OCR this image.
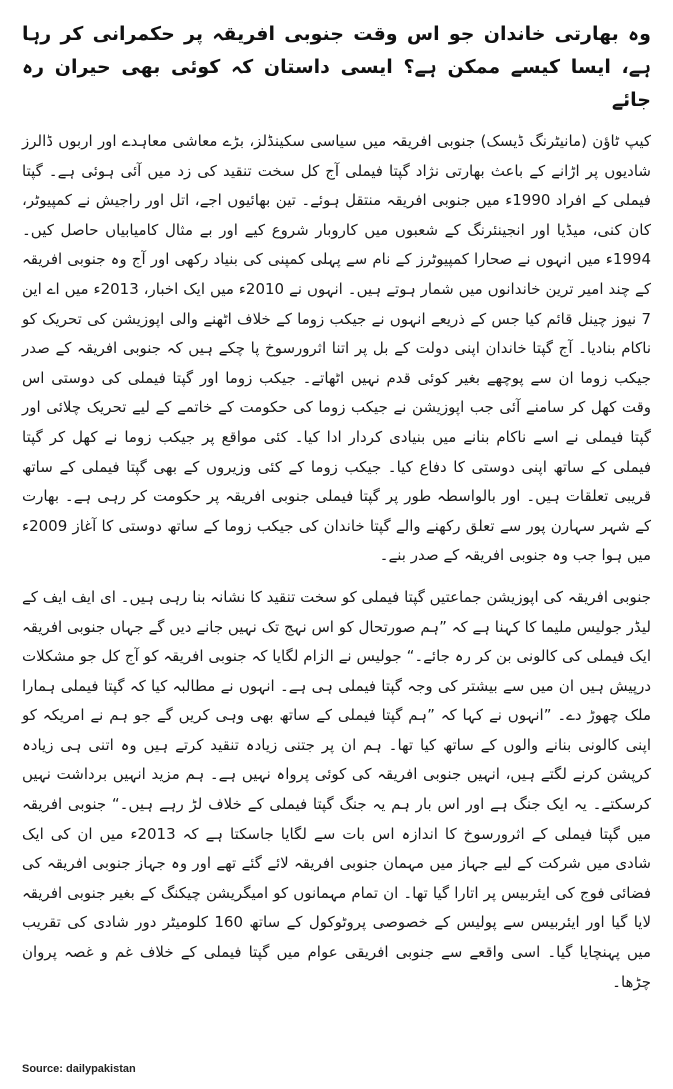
وہ بھارتی خاندان جو اس وقت جنوبی افریقہ پر حکمرانی کر رہا ہے، ایسا کیسے ممکن ہے؟ ایسی داستان کہ کوئی بھی حیران رہ جائے

کیپ ٹاؤن (مانیٹرنگ ڈیسک) جنوبی افریقہ میں سیاسی سکینڈلز، بڑے معاشی معاہدے اور اربوں ڈالرز شادیوں پر اڑانے کے باعث بھارتی نژاد گپتا فیملی آج کل سخت تنقید کی زد میں آئی ہوئی ہے۔ گپتا فیملی کے افراد 1990ء میں جنوبی افریقہ منتقل ہوئے۔ تین بھائیوں اجے، اتل اور راجیش نے کمپیوٹر، کان کنی، میڈیا اور انجینئرنگ کے شعبوں میں کاروبار شروع کیے اور بے مثال کامیابیاں حاصل کیں۔ 1994ء میں انہوں نے صحارا کمپیوٹرز کے نام سے پہلی کمپنی کی بنیاد رکھی اور آج وہ جنوبی افریقہ کے چند امیر ترین خاندانوں میں شمار ہوتے ہیں۔ انہوں نے 2010ء میں ایک اخبار، 2013ء میں اے این 7 نیوز چینل قائم کیا جس کے ذریعے انہوں نے جیکب زوما کے خلاف اٹھنے والی اپوزیشن کی تحریک کو ناکام بنادیا۔ آج گپتا خاندان اپنی دولت کے بل پر اتنا اثرورسوخ پا چکے ہیں کہ جنوبی افریقہ کے صدر جیکب زوما ان سے پوچھے بغیر کوئی قدم نہیں اٹھاتے۔ جیکب زوما اور گپتا فیملی کی دوستی اس وقت کھل کر سامنے آئی جب اپوزیشن نے جیکب زوما کی حکومت کے خاتمے کے لیے تحریک چلائی اور گپتا فیملی نے اسے ناکام بنانے میں بنیادی کردار ادا کیا۔ کئی مواقع پر جیکب زوما نے کھل کر گپتا فیملی کے ساتھ اپنی دوستی کا دفاع کیا۔ جیکب زوما کے کئی وزیروں کے بھی گپتا فیملی کے ساتھ قریبی تعلقات ہیں۔ اور بالواسطہ طور پر گپتا فیملی جنوبی افریقہ پر حکومت کر رہی ہے۔ بھارت کے شہر سہارن پور سے تعلق رکھنے والے گپتا خاندان کی جیکب زوما کے ساتھ دوستی کا آغاز 2009ء میں ہوا جب وہ جنوبی افریقہ کے صدر بنے۔

جنوبی افریقہ کی اپوزیشن جماعتیں گپتا فیملی کو سخت تنقید کا نشانہ بنا رہی ہیں۔ ای ایف ایف کے لیڈر جولیس ملیما کا کہنا ہے کہ ”ہم صورتحال کو اس نہج تک نہیں جانے دیں گے جہاں جنوبی افریقہ ایک فیملی کی کالونی بن کر رہ جائے۔“ جولیس نے الزام لگایا کہ جنوبی افریقہ کو آج کل جو مشکلات درپیش ہیں ان میں سے بیشتر کی وجہ گپتا فیملی ہی ہے۔ انہوں نے مطالبہ کیا کہ گپتا فیملی ہمارا ملک چھوڑ دے۔ ”انہوں نے کہا کہ ”ہم گپتا فیملی کے ساتھ بھی وہی کریں گے جو ہم نے امریکہ کو اپنی کالونی بنانے والوں کے ساتھ کیا تھا۔ ہم ان پر جتنی زیادہ تنقید کرتے ہیں وہ اتنی ہی زیادہ کرپشن کرنے لگتے ہیں، انہیں جنوبی افریقہ کی کوئی پرواہ نہیں ہے۔ ہم مزید انہیں برداشت نہیں کرسکتے۔ یہ ایک جنگ ہے اور اس بار ہم یہ جنگ گپتا فیملی کے خلاف لڑ رہے ہیں۔“ جنوبی افریقہ میں گپتا فیملی کے اثرورسوخ کا اندازہ اس بات سے لگایا جاسکتا ہے کہ 2013ء میں ان کی ایک شادی میں شرکت کے لیے جہاز میں مہمان جنوبی افریقہ لائے گئے تھے اور وہ جہاز جنوبی افریقہ کی فضائی فوج کی ایئربیس پر اتارا گیا تھا۔ ان تمام مہمانوں کو امیگریشن چیکنگ کے بغیر جنوبی افریقہ لایا گیا اور ایئربیس سے پولیس کے خصوصی پروٹوکول کے ساتھ 160 کلومیٹر دور شادی کی تقریب میں پہنچایا گیا۔ اسی واقعے سے جنوبی افریقی عوام میں گپتا فیملی کے خلاف غم و غصہ پروان چڑھا۔

Source: dailypakistan
